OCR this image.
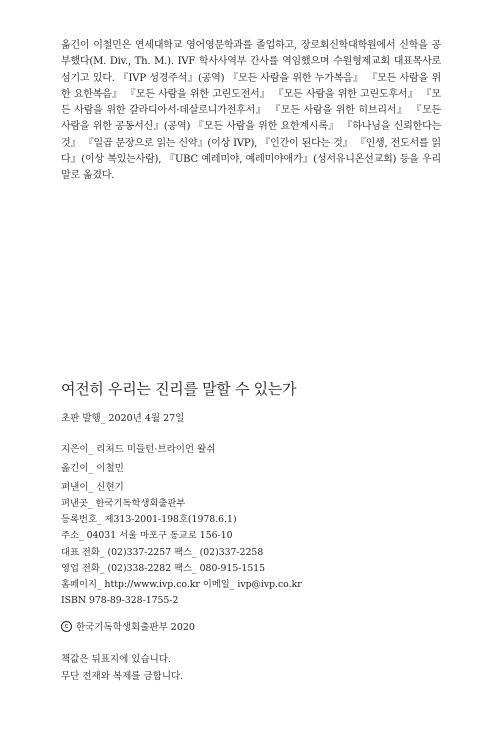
옮긴이 이철민은 연세대학교 영어영문학과를 졸업하고, 장로회신학대학원에서 신학을 공부했다(M. Div., Th. M.). IVF 학사사역부 간사를 역임했으며 수원형제교회 대표목사로 섬기고 있다. 『IVP 성경주석』(공역) 『모든 사람을 위한 누가복음』 『모든 사람을 위한 요한복음』 『모든 사람을 위한 고린도전서』 『모든 사람을 위한 고린도후서』 『모든 사람을 위한 갈라디아서·데살로니가전후서』 『모든 사람을 위한 히브리서』 『모든 사람을 위한 공동서신』(공역) 『모든 사람을 위한 요한계시록』 『하나님을 신뢰한다는 것』 『일곱 문장으로 읽는 신약』(이상 IVP), 『인간이 된다는 것』 『인생, 전도서를 읽다』(이상 복있는사람), 『UBC 예레미야, 예레미야애가』(성서유니온선교회) 등을 우리말로 옮겼다.

여전히 우리는 진리를 말할 수 있는가
초판 발행_ 2020년 4월 27일
지은이_ 리처드 미들턴·브라이언 왈쉬
옮긴이_ 이철민
펴낸이_ 신현기
펴낸곳_ 한국기독학생회출판부
등록번호_ 제313-2001-198호(1978.6.1)
주소_ 04031 서울 마포구 동교로 156-10
대표 전화_ (02)337-2257 팩스_ (02)337-2258
영업 전화_ (02)338-2282 팩스_ 080-915-1515
홈페이지_ http://www.ivp.co.kr 이메일_ ivp@ivp.co.kr
ISBN 978-89-328-1755-2
c 한국기독학생회출판부 2020
책값은 뒤표지에 있습니다.
무단 전재와 복제를 금합니다.
